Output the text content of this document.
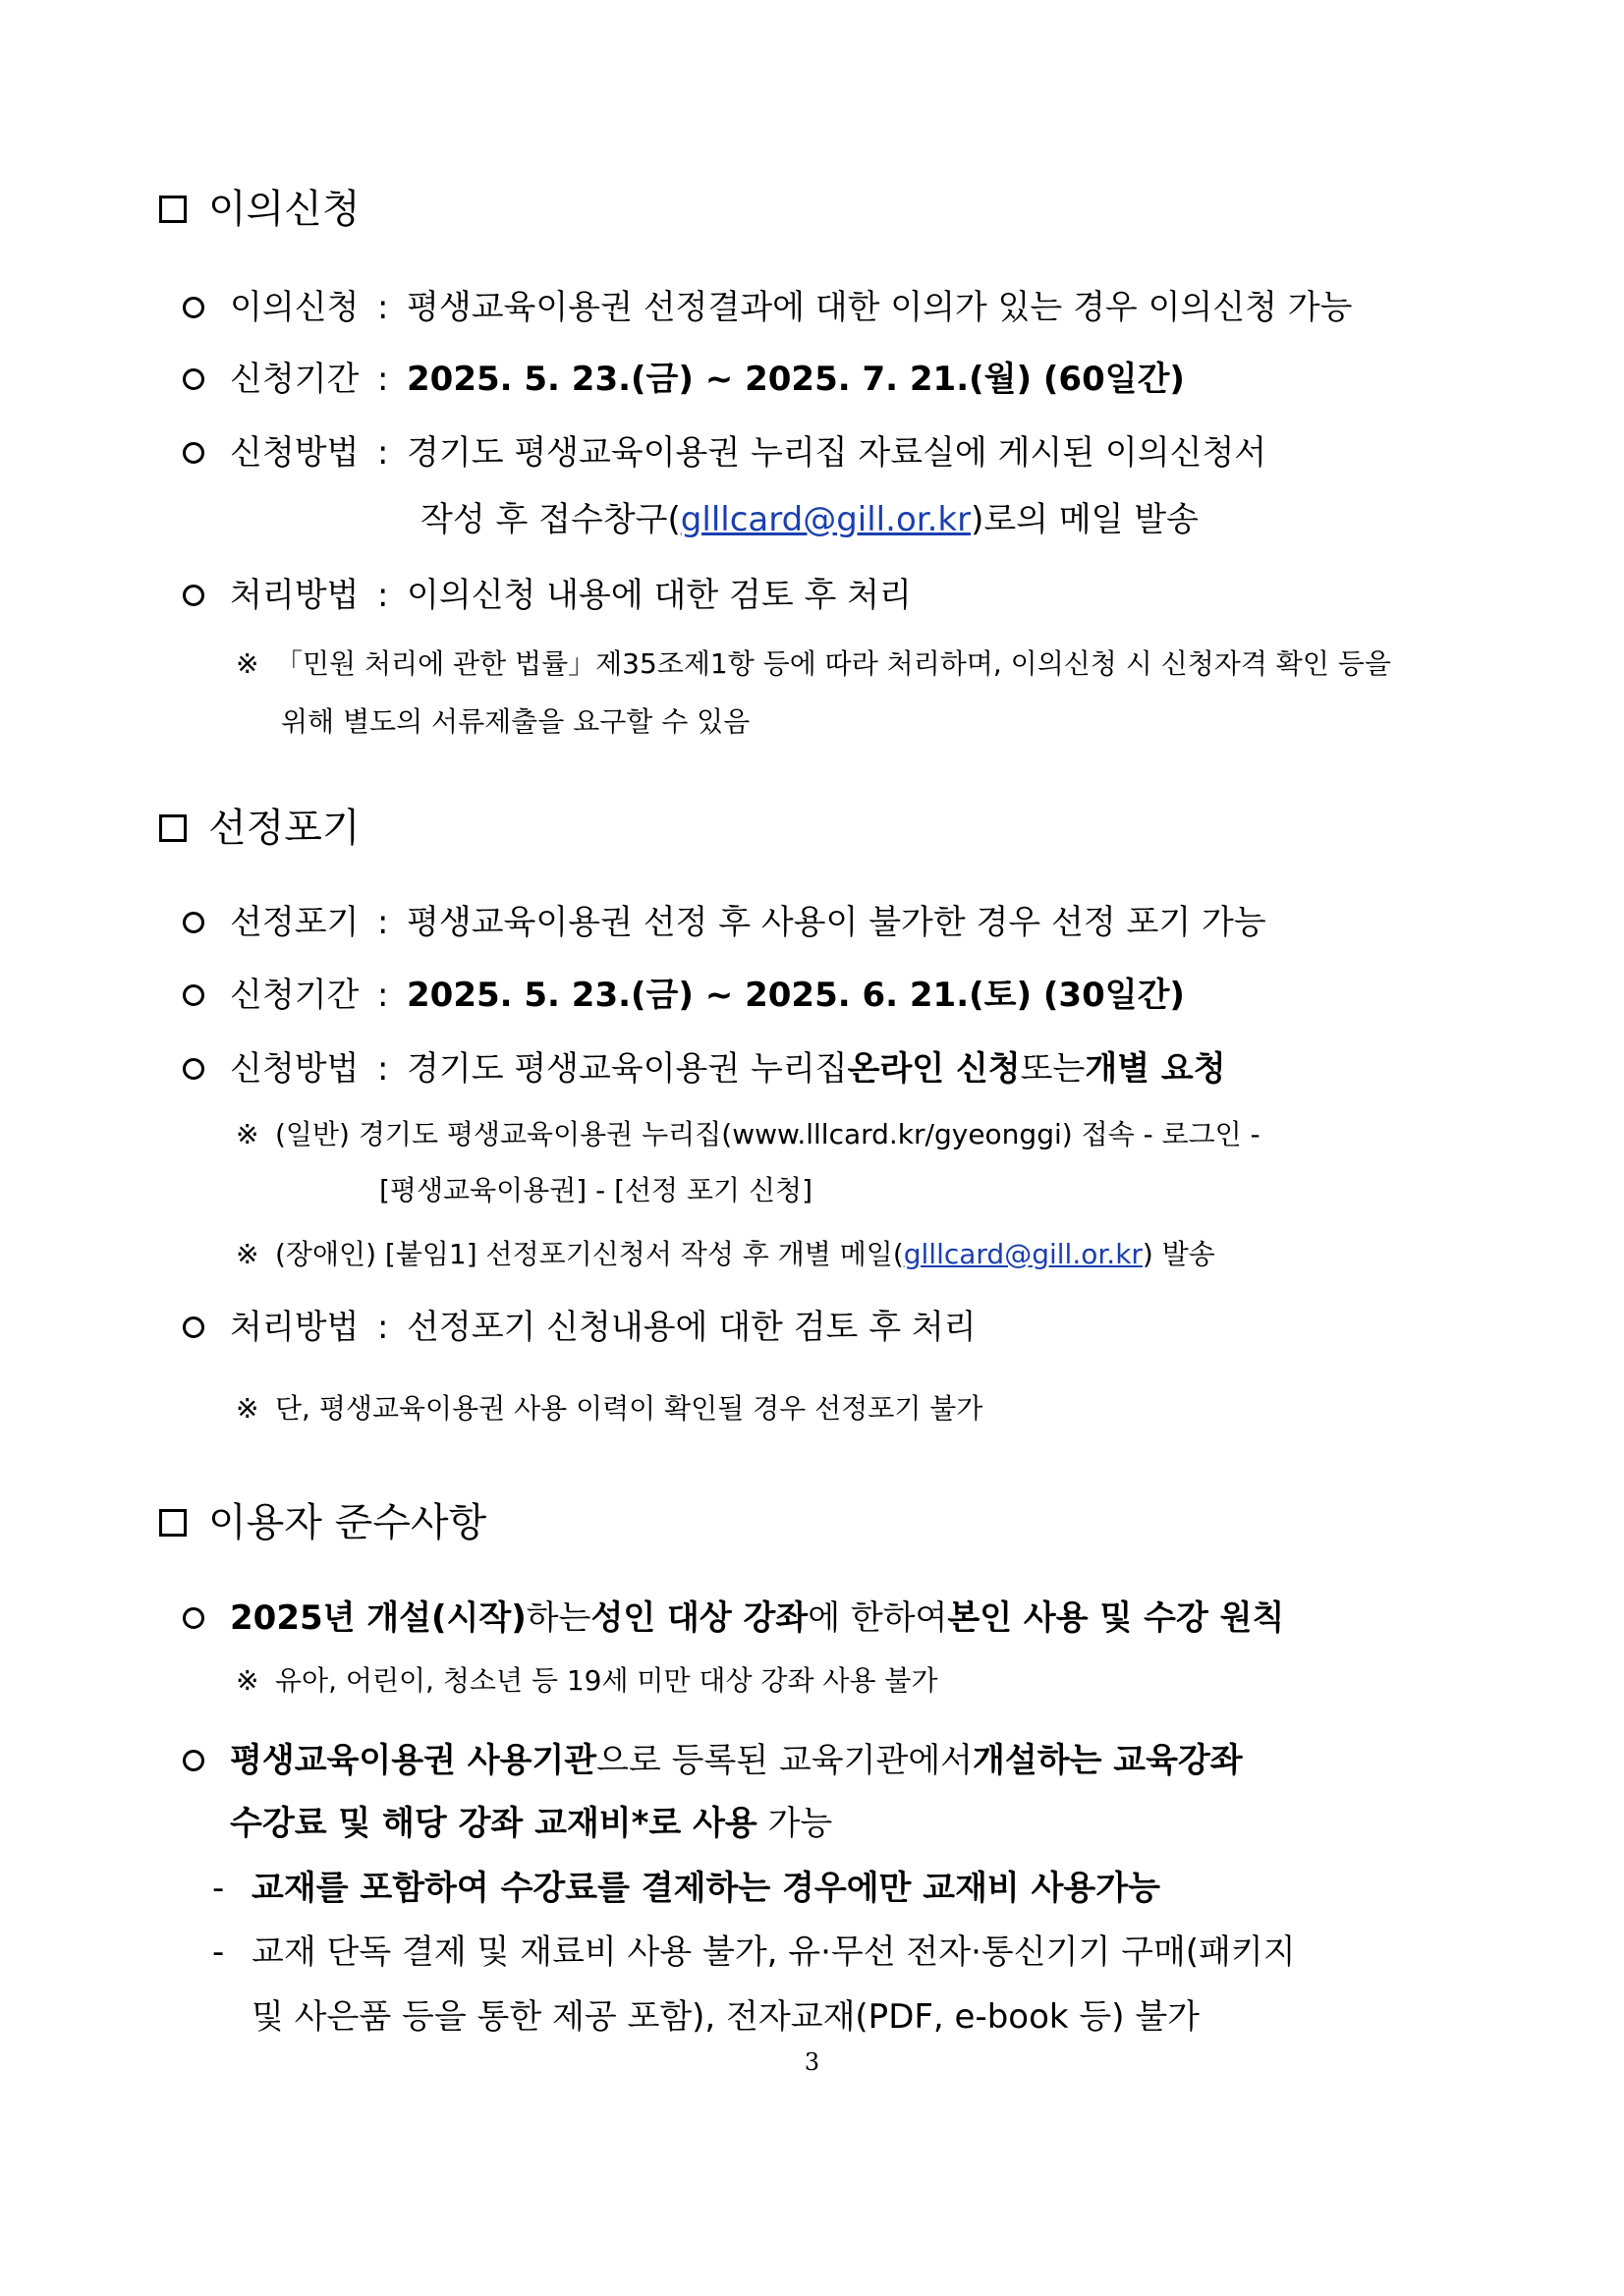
이의신청
이의신청 : 평생교육이용권 선정결과에 대한 이의가 있는 경우 이의신청 가능
신청기간 : 2025. 5. 23.(금) ~ 2025. 7. 21.(월) (60일간)
신청방법 : 경기도 평생교육이용권 누리집 자료실에 게시된 이의신청서
작성 후 접수창구(glllcard@gill.or.kr)로의 메일 발송
처리방법 : 이의신청 내용에 대한 검토 후 처리
※ 「민원 처리에 관한 법률」제35조제1항 등에 따라 처리하며, 이의신청 시 신청자격 확인 등을
위해 별도의 서류제출을 요구할 수 있음
선정포기
선정포기 : 평생교육이용권 선정 후 사용이 불가한 경우 선정 포기 가능
신청기간 : 2025. 5. 23.(금) ~ 2025. 6. 21.(토) (30일간)
신청방법 : 경기도 평생교육이용권 누리집 온라인 신청 또는 개별 요청
※ (일반) 경기도 평생교육이용권 누리집(www.lllcard.kr/gyeonggi) 접속 - 로그인 -
[평생교육이용권] - [선정 포기 신청]
※ (장애인) [붙임1] 선정포기신청서 작성 후 개별 메일(glllcard@gill.or.kr) 발송
처리방법 : 선정포기 신청내용에 대한 검토 후 처리
※ 단, 평생교육이용권 사용 이력이 확인될 경우 선정포기 불가
이용자 준수사항
2025년 개설(시작) 하는 성인 대상 강좌 에 한하여 본인 사용 및 수강 원칙
※ 유아, 어린이, 청소년 등 19세 미만 대상 강좌 사용 불가
평생교육이용권 사용기관 으로 등록된 교육기관에서 개설하는 교육강좌
수강료 및 해당 강좌 교재비*로 사용 가능
- 교재를 포함하여 수강료를 결제하는 경우에만 교재비 사용가능
- 교재 단독 결제 및 재료비 사용 불가, 유·무선 전자·통신기기 구매(패키지
및 사은품 등을 통한 제공 포함), 전자교재(PDF, e-book 등) 불가
3
